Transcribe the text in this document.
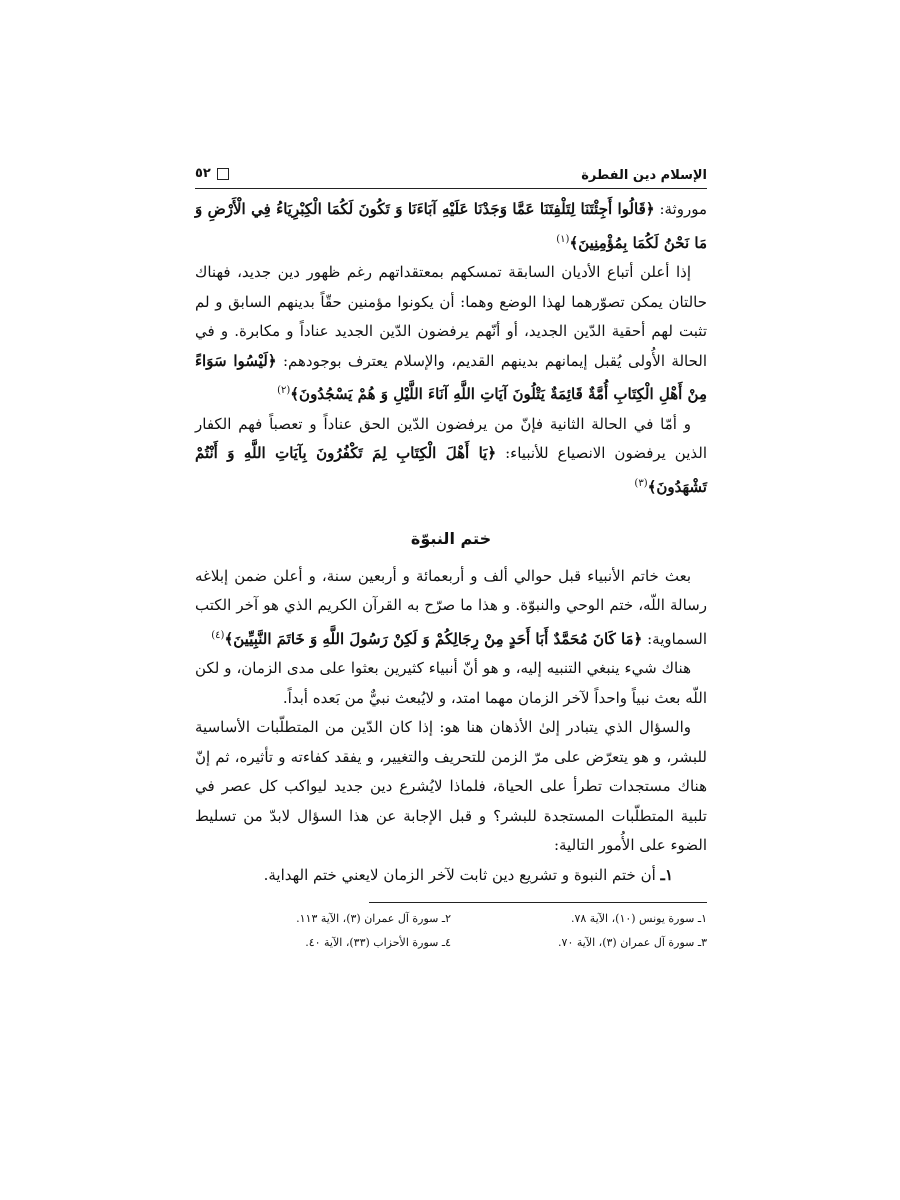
الإسلام دين الفطرة
٥٢

موروثة: ﴿قَالُوا أَجِئْتَنَا لِتَلْفِتَنَا عَمَّا وَجَدْنَا عَلَيْهِ آبَاءَنَا وَ تَكُونَ لَكُمَا الْكِبْرِيَاءُ فِي الْأَرْضِ وَ مَا نَحْنُ لَكُمَا بِمُؤْمِنِينَ﴾$^{(١)}$

إذا أعلن أتباع الأديان السابقة تمسكهم بمعتقداتهم رغم ظهور دين جديد، فهناك حالتان يمكن تصوّرهما لهذا الوضع وهما: أن يكونوا مؤمنين حقّاً بدينهم السابق و لم تثبت لهم أحقية الدّين الجديد، أو أنّهم يرفضون الدّين الجديد عناداً و مكابرة. و في الحالة الأُولى يُقبل إيمانهم بدينهم القديم، والإسلام يعترف بوجودهم: ﴿لَيْسُوا سَوَاءً مِنْ أَهْلِ الْكِتَابِ أُمَّةٌ قَائِمَةٌ يَتْلُونَ آيَاتِ اللَّهِ آنَاءَ اللَّيْلِ وَ هُمْ يَسْجُدُونَ﴾$^{(٢)}$

و أمّا في الحالة الثانية فإنّ من يرفضون الدّين الحق عناداً و تعصباً فهم الكفار الذين يرفضون الانصياع للأنبياء: ﴿يَا أَهْلَ الْكِتَابِ لِمَ تَكْفُرُونَ بِآيَاتِ اللَّهِ وَ أَنْتُمْ تَشْهَدُونَ﴾$^{(٣)}$

ختم النبوّة

بعث خاتم الأنبياء قبل حوالي ألف و أربعمائة و أربعين سنة، و أعلن ضمن إبلاغه رسالة اللّه، ختم الوحي والنبوّة. و هذا ما صرّح به القرآن الكريم الذي هو آخر الكتب السماوية: ﴿مَا كَانَ مُحَمَّدٌ أَبَا أَحَدٍ مِنْ رِجَالِكُمْ وَ لَكِنْ رَسُولَ اللَّهِ وَ خَاتَمَ النَّبِيِّينَ﴾$^{(٤)}$

هناك شيء ينبغي التنبيه إليه، و هو أنّ أنبياء كثيرين بعثوا على مدى الزمان، و لكن اللّه بعث نبياً واحداً لآخر الزمان مهما امتد، و لايُبعث نبيٌّ من بَعده أبداً.

والسؤال الذي يتبادر إلىٰ الأذهان هنا هو: إذا كان الدّين من المتطلّبات الأساسية للبشر، و هو يتعرّض على مرّ الزمن للتحريف والتغيير، و يفقد كفاءته و تأثيره، ثم إنّ هناك مستجدات تطرأ على الحياة، فلماذا لايُشرع دين جديد ليواكب كل عصر في تلبية المتطلّبات المستجدة للبشر؟ و قبل الإجابة عن هذا السؤال لابدّ من تسليط الضوء على الأُمور التالية:

١ـ أن ختم النبوة و تشريع دين ثابت لآخر الزمان لايعني ختم الهداية.

١ـ سورة يونس (١٠)، الآية ٧٨.
٢ـ سورة آل عمران (٣)، الآية ١١٣.
٣ـ سورة آل عمران (٣)، الآية ٧٠.
٤ـ سورة الأحزاب (٣٣)، الآية ٤٠.
